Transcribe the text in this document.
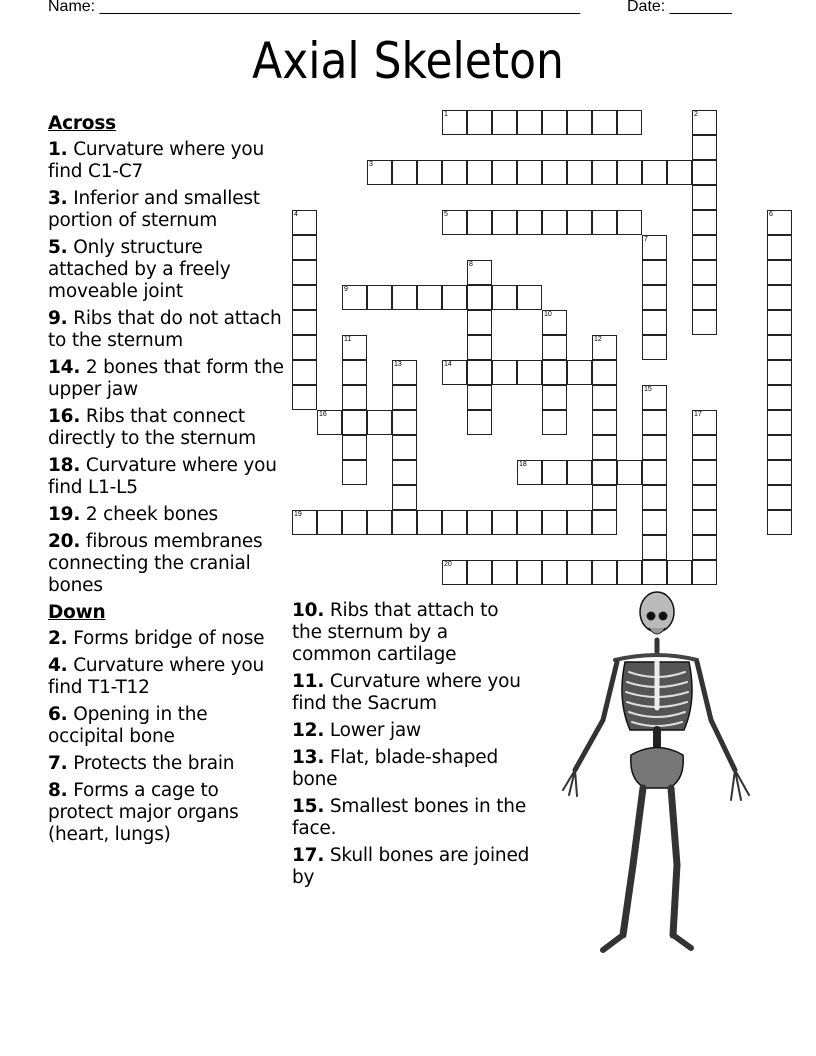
Name: ______________________________________________________	Date: _______
Axial Skeleton
Across
1. Curvature where you find C1-C7
3. Inferior and smallest portion of sternum
5. Only structure attached by a freely moveable joint
9. Ribs that do not attach to the sternum
14. 2 bones that form the upper jaw
16. Ribs that connect directly to the sternum
18. Curvature where you find L1-L5
19. 2 cheek bones
20. fibrous membranes connecting the cranial bones
Down
2. Forms bridge of nose
4. Curvature where you find T1-T12
6. Opening in the occipital bone
7. Protects the brain
8. Forms a cage to protect major organs (heart, lungs)
10. Ribs that attach to the sternum by a common cartilage
11. Curvature where you find the Sacrum
12. Lower jaw
13. Flat, blade-shaped bone
15. Smallest bones in the face.
17. Skull bones are joined by
1	2
3
4	5	6
7
8
9
10
11	12
13	14
15
16	17
18
19
20
